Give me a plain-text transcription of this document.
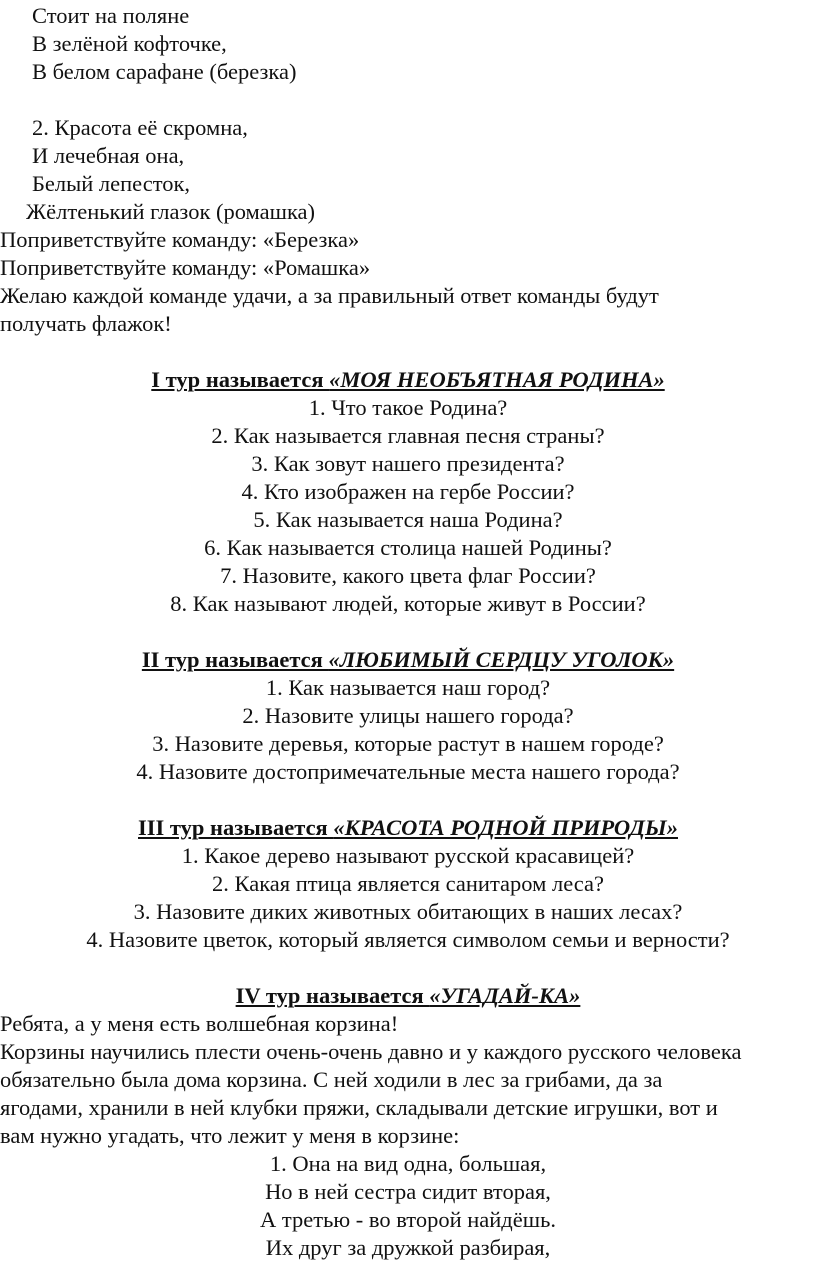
Стоит на поляне
В зелёной кофточке,
В белом сарафане (березка)
2. Красота её скромна,
И лечебная она,
Белый лепесток,
Жёлтенький глазок (ромашка)
Поприветствуйте команду: «Березка»
Поприветствуйте команду: «Ромашка»
Желаю каждой команде удачи, а за правильный ответ команды будут
получать флажок!
I тур называется «МОЯ НЕОБЪЯТНАЯ РОДИНА»
1. Что такое Родина?
2. Как называется главная песня страны?
3. Как зовут нашего президента?
4. Кто изображен на гербе России?
5. Как называется наша Родина?
6. Как называется столица нашей Родины?
7. Назовите, какого цвета флаг России?
8. Как называют людей, которые живут в России?
II тур называется «ЛЮБИМЫЙ СЕРДЦУ УГОЛОК»
1. Как называется наш город?
2. Назовите улицы нашего города?
3. Назовите деревья, которые растут в нашем городе?
4. Назовите достопримечательные места нашего города?
III тур называется «КРАСОТА РОДНОЙ ПРИРОДЫ»
1. Какое дерево называют русской красавицей?
2. Какая птица является санитаром леса?
3. Назовите диких животных обитающих в наших лесах?
4. Назовите цветок, который является символом семьи и верности?
IV тур называется «УГАДАЙ-КА»
Ребята, а у меня есть волшебная корзина!
Корзины научились плести очень-очень давно и у каждого русского человека
обязательно была дома корзина. С ней ходили в лес за грибами, да за
ягодами, хранили в ней клубки пряжи, складывали детские игрушки, вот и
вам нужно угадать, что лежит у меня в корзине:
1. Она на вид одна, большая,
Но в ней сестра сидит вторая,
А третью - во второй найдёшь.
Их друг за дружкой разбирая,
